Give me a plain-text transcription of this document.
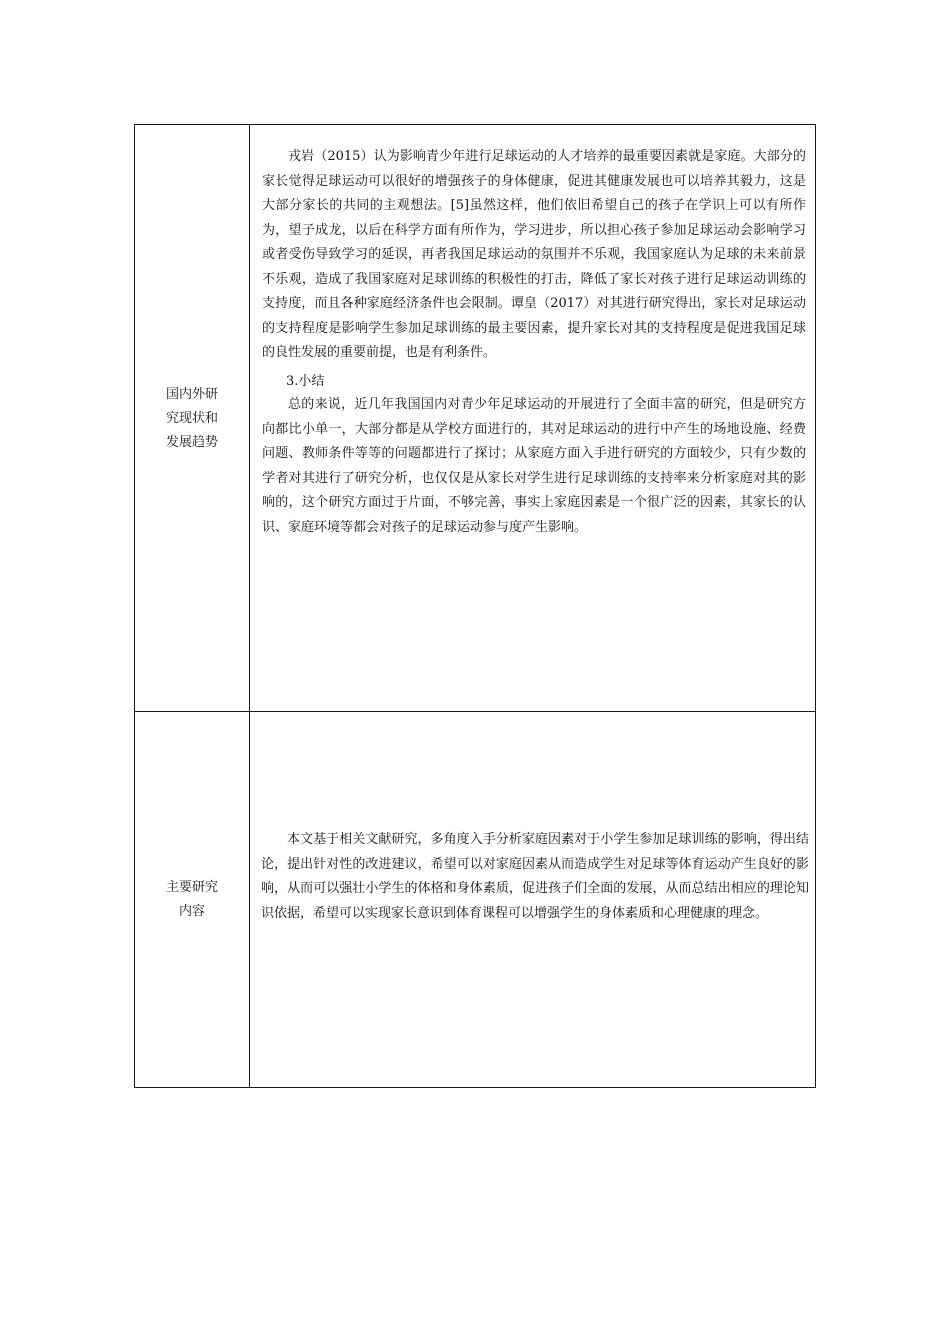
国内外研
究现状和
发展趋势

戎岩（2015）认为影响青少年进行足球运动的人才培养的最重要因素就是家庭。大部分的家长觉得足球运动可以很好的增强孩子的身体健康，促进其健康发展也可以培养其毅力，这是大部分家长的共同的主观想法。[5]虽然这样，他们依旧希望自己的孩子在学识上可以有所作为，望子成龙，以后在科学方面有所作为，学习进步，所以担心孩子参加足球运动会影响学习或者受伤导致学习的延误，再者我国足球运动的氛围并不乐观，我国家庭认为足球的未来前景不乐观，造成了我国家庭对足球训练的积极性的打击，降低了家长对孩子进行足球运动训练的支持度，而且各种家庭经济条件也会限制。谭皇（2017）对其进行研究得出，家长对足球运动的支持程度是影响学生参加足球训练的最主要因素，提升家长对其的支持程度是促进我国足球的良性发展的重要前提，也是有利条件。

3.小结

总的来说，近几年我国国内对青少年足球运动的开展进行了全面丰富的研究，但是研究方向都比小单一，大部分都是从学校方面进行的，其对足球运动的进行中产生的场地设施、经费问题、教师条件等等的问题都进行了探讨；从家庭方面入手进行研究的方面较少，只有少数的学者对其进行了研究分析，也仅仅是从家长对学生进行足球训练的支持率来分析家庭对其的影响的，这个研究方面过于片面，不够完善，事实上家庭因素是一个很广泛的因素，其家长的认识、家庭环境等都会对孩子的足球运动参与度产生影响。

主要研究
内容

本文基于相关文献研究，多角度入手分析家庭因素对于小学生参加足球训练的影响，得出结论，提出针对性的改进建议，希望可以对家庭因素从而造成学生对足球等体育运动产生良好的影响，从而可以强壮小学生的体格和身体素质，促进孩子们全面的发展，从而总结出相应的理论知识依据，希望可以实现家长意识到体育课程可以增强学生的身体素质和心理健康的理念。
